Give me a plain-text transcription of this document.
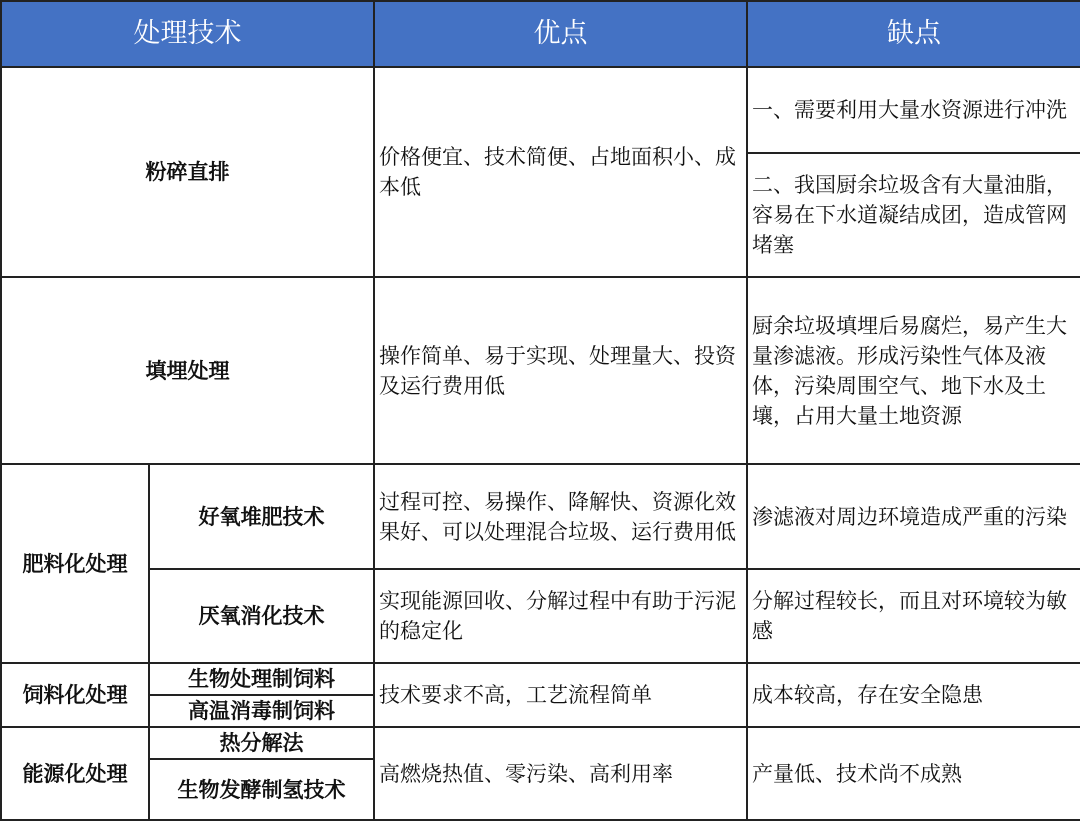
处理技术		优点	缺点
粉碎直排		价格便宜、技术简便、占地面积小、成本低	一、需要利用大量水资源进行冲洗
			二、我国厨余垃圾含有大量油脂，容易在下水道凝结成团，造成管网堵塞
填埋处理		操作简单、易于实现、处理量大、投资及运行费用低	厨余垃圾填埋后易腐烂，易产生大量渗滤液。形成污染性气体及液体，污染周围空气、地下水及土壤，占用大量土地资源
肥料化处理	好氧堆肥技术	过程可控、易操作、降解快、资源化效果好、可以处理混合垃圾、运行费用低	渗滤液对周边环境造成严重的污染
	厌氧消化技术	实现能源回收、分解过程中有助于污泥的稳定化	分解过程较长，而且对环境较为敏感
饲料化处理	生物处理制饲料	技术要求不高，工艺流程简单	成本较高，存在安全隐患
	高温消毒制饲料		
能源化处理	热分解法	高燃烧热值、零污染、高利用率	产量低、技术尚不成熟
	生物发酵制氢技术		
